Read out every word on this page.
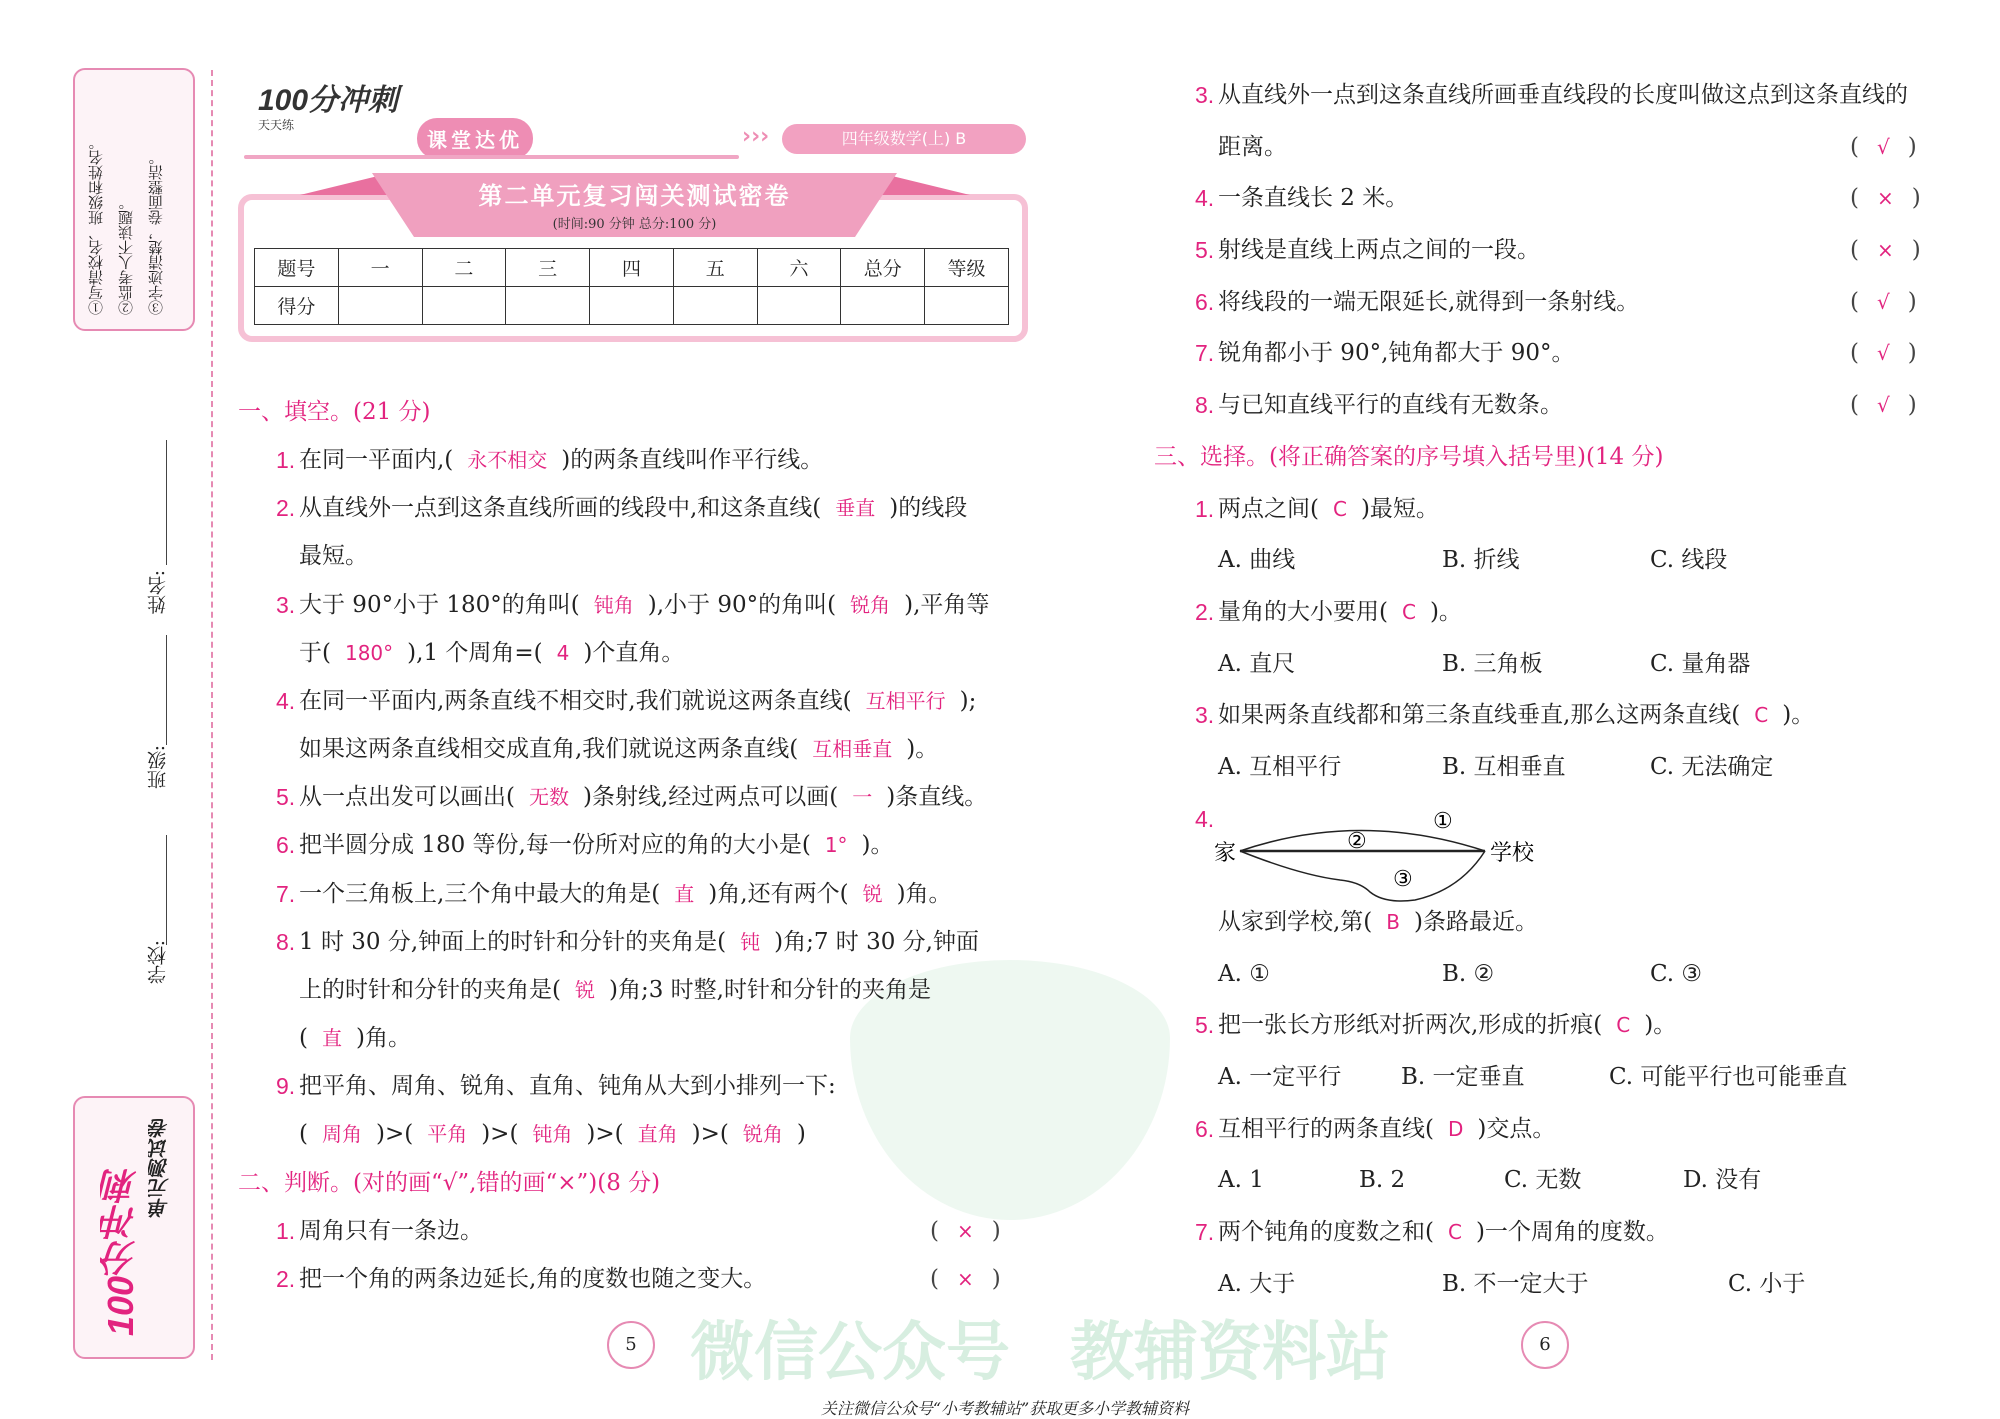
微信公众号 教辅资料站
①写清校名、班级和姓名。 ②监考人不读题。 ③字迹清楚，卷面整洁。
姓名:
班级:
学校:
100分冲刺 单元测试卷
100分冲刺
天天练
课堂达优	›››	四年级数学(上) B
第二单元复习闯关测试密卷
(时间:90 分钟 总分:100 分)
题号	一	二	三	四	五	六	总分	等级
得分								
一、填空。(21 分)
1. 在同一平面内,( 永不相交 )的两条直线叫作平行线。
2. 从直线外一点到这条直线所画的线段中,和这条直线( 垂直 )的线段
最短。
3. 大于 90°小于 180°的角叫( 钝角 ),小于 90°的角叫( 锐角 ),平角等
于( 180° ),1 个周角=( 4 )个直角。
4. 在同一平面内,两条直线不相交时,我们就说这两条直线( 互相平行 );
如果这两条直线相交成直角,我们就说这两条直线( 互相垂直 )。
5. 从一点出发可以画出( 无数 )条射线,经过两点可以画( 一 )条直线。
6. 把半圆分成 180 等份,每一份所对应的角的大小是( 1° )。
7. 一个三角板上,三个角中最大的角是( 直 )角,还有两个( 锐 )角。
8. 1 时 30 分,钟面上的时针和分针的夹角是( 钝 )角;7 时 30 分,钟面
上的时针和分针的夹角是( 锐 )角;3 时整,时针和分针的夹角是
( 直 )角。
9. 把平角、周角、锐角、直角、钝角从大到小排列一下:
( 周角 )>( 平角 )>( 钝角 )>( 直角 )>( 锐角 )
二、判断。(对的画“√”,错的画“×”)(8 分)
1. 周角只有一条边。	( × )
2. 把一个角的两条边延长,角的度数也随之变大。	( × )
3. 从直线外一点到这条直线所画垂直线段的长度叫做这点到这条直线的
距离。	( √ )
4. 一条直线长 2 米。	( × )
5. 射线是直线上两点之间的一段。	( × )
6. 将线段的一端无限延长,就得到一条射线。	( √ )
7. 锐角都小于 90°,钝角都大于 90°。	( √ )
8. 与已知直线平行的直线有无数条。	( √ )
三、选择。(将正确答案的序号填入括号里)(14 分)
1. 两点之间( C )最短。
A. 曲线	B. 折线	C. 线段
2. 量角的大小要用( C )。
A. 直尺	B. 三角板	C. 量角器
3. 如果两条直线都和第三条直线垂直,那么这两条直线( C )。
A. 互相平行	B. 互相垂直	C. 无法确定
4.
从家到学校,第( B )条路最近。
A. ①	B. ②	C. ③
5. 把一张长方形纸对折两次,形成的折痕( C )。
A. 一定平行	B. 一定垂直	C. 可能平行也可能垂直
6. 互相平行的两条直线( D )交点。
A. 1	B. 2	C. 无数	D. 没有
7. 两个钝角的度数之和( C )一个周角的度数。
A. 大于	B. 不一定大于	C. 小于
家	学校
①
②
③
5	6
关注微信公众号“小考教辅站”获取更多小学教辅资料
